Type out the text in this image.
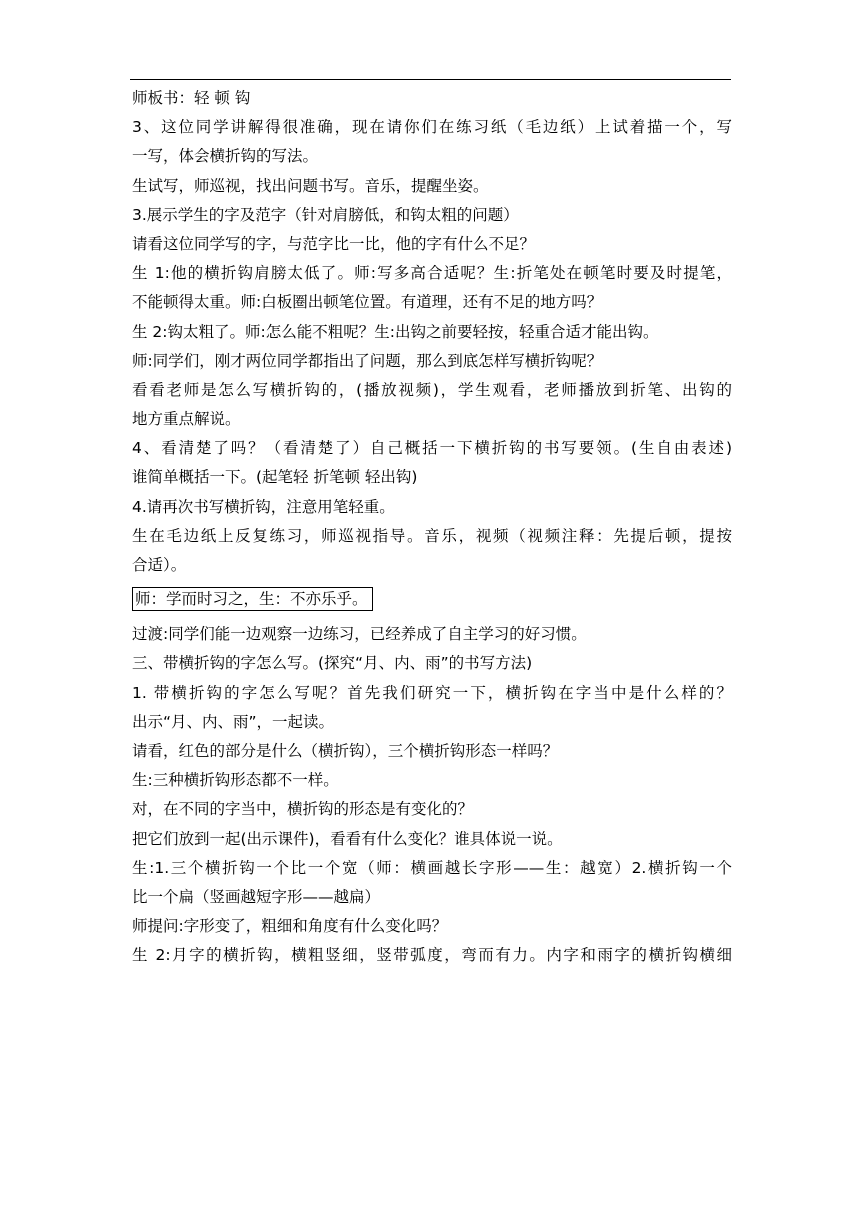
师板书：轻 顿 钩
3、这位同学讲解得很准确，现在请你们在练习纸（毛边纸）上试着描一个，写
一写，体会横折钩的写法。
生试写，师巡视，找出问题书写。音乐，提醒坐姿。
3.展示学生的字及范字（针对肩膀低，和钩太粗的问题）
请看这位同学写的字，与范字比一比，他的字有什么不足？
生 1:他的横折钩肩膀太低了。师:写多高合适呢？生:折笔处在顿笔时要及时提笔，
不能顿得太重。师:白板圈出顿笔位置。有道理，还有不足的地方吗？
生 2:钩太粗了。师:怎么能不粗呢？生:出钩之前要轻按，轻重合适才能出钩。
师:同学们，刚才两位同学都指出了问题，那么到底怎样写横折钩呢？
看看老师是怎么写横折钩的，(播放视频)，学生观看，老师播放到折笔、出钩的
地方重点解说。
4、看清楚了吗？（看清楚了）自己概括一下横折钩的书写要领。(生自由表述)
谁简单概括一下。(起笔轻 折笔顿 轻出钩)
4.请再次书写横折钩，注意用笔轻重。
生在毛边纸上反复练习，师巡视指导。音乐，视频（视频注释：先提后顿，提按
合适）。
师：学而时习之，生：不亦乐乎。
过渡:同学们能一边观察一边练习，已经养成了自主学习的好习惯。
三、带横折钩的字怎么写。(探究“月、内、雨”的书写方法)
1. 带横折钩的字怎么写呢？首先我们研究一下，横折钩在字当中是什么样的？
出示“月、内、雨”，一起读。
请看，红色的部分是什么（横折钩），三个横折钩形态一样吗？
生:三种横折钩形态都不一样。
对，在不同的字当中，横折钩的形态是有变化的？
把它们放到一起(出示课件)，看看有什么变化？谁具体说一说。
生:1.三个横折钩一个比一个宽（师：横画越长字形——生：越宽）2.横折钩一个
比一个扁（竖画越短字形——越扁）
师提问:字形变了，粗细和角度有什么变化吗？
生 2:月字的横折钩，横粗竖细，竖带弧度，弯而有力。内字和雨字的横折钩横细
